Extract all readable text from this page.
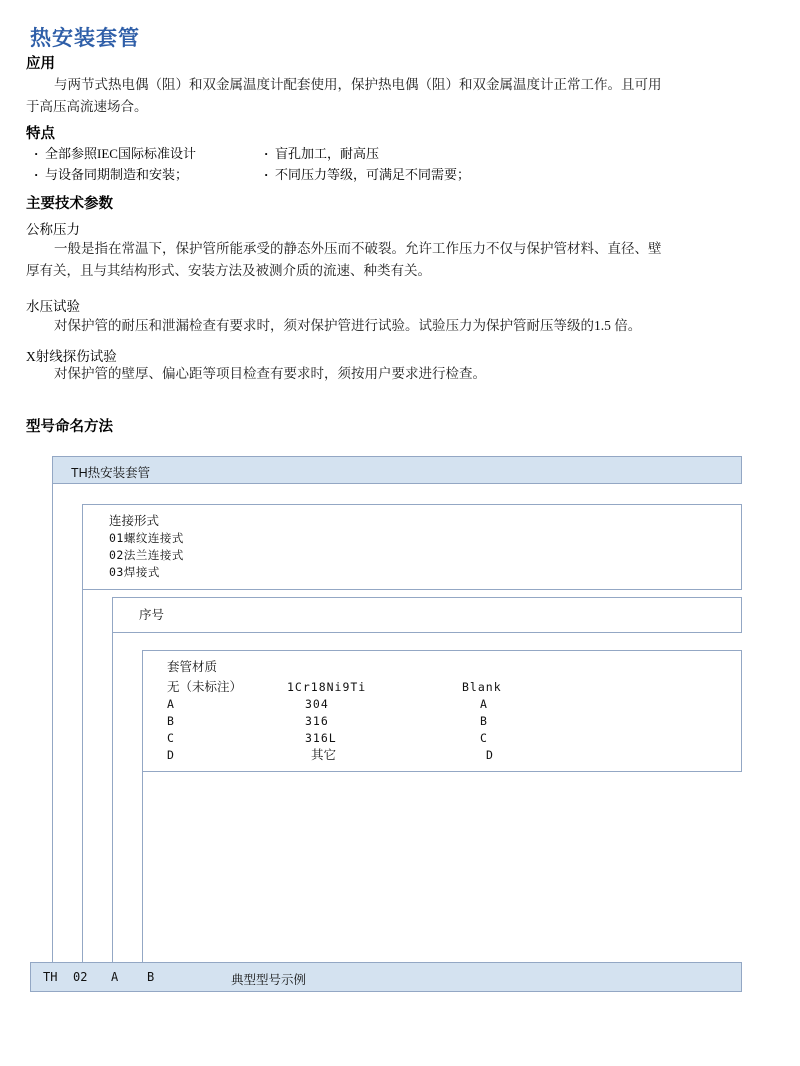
热安装套管
应用
与两节式热电偶（阻）和双金属温度计配套使用，保护热电偶（阻）和双金属温度计正常工作。且可用于高压高流速场合。
特点
· 全部参照IEC国际标准设计	· 盲孔加工，耐高压
· 与设备同期制造和安装；	· 不同压力等级，可满足不同需要；
主要技术参数
公称压力
一般是指在常温下，保护管所能承受的静态外压而不破裂。允许工作压力不仅与保护管材料、直径、壁厚有关，且与其结构形式、安装方法及被测介质的流速、种类有关。
水压试验
对保护管的耐压和泄漏检查有要求时，须对保护管进行试验。试验压力为保护管耐压等级的1.5 倍。
X射线探伤试验
对保护管的壁厚、偏心距等项目检查有要求时，须按用户要求进行检查。
型号命名方法
TH热安装套管
连接形式
01螺纹连接式
02法兰连接式
03焊接式
序号
套管材质
无（未标注）	1Cr18Ni9Ti	Blank
A	304	A
B	316	B
C	316L	C
D	其它	D
TH 02 A B	典型型号示例
